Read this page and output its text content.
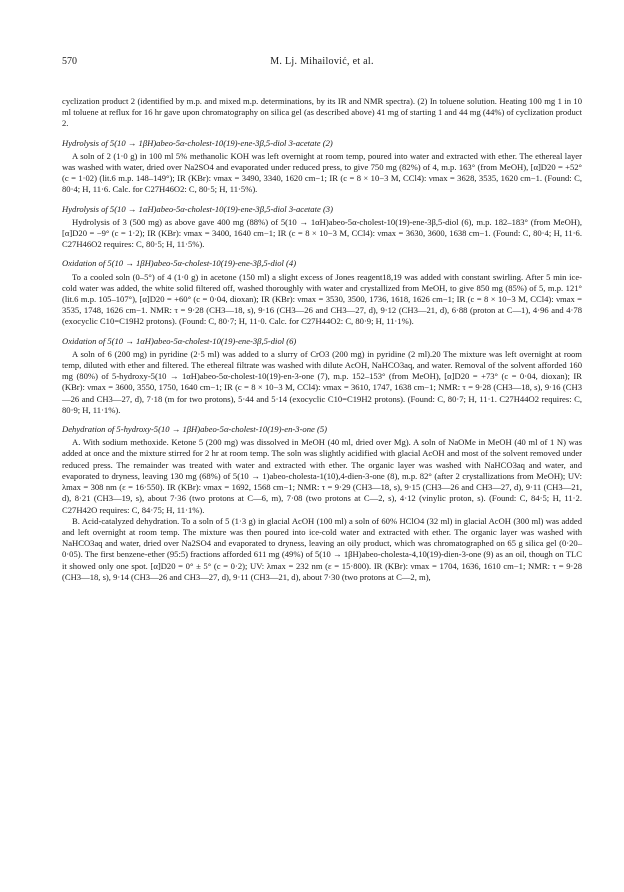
570	M. Lj. Mihailović, et al.

cyclization product 2 (identified by m.p. and mixed m.p. determinations, by its IR and NMR spectra). (2) In toluene solution. Heating 100 mg 1 in 10 ml toluene at reflux for 16 hr gave upon chromatography on silica gel (as described above) 41 mg of starting 1 and 44 mg (44%) of cyclization product 2.

Hydrolysis of 5(10 → 1βH)abeo-5α-cholest-10(19)-ene-3β,5-diol 3-acetate (2)

A soln of 2 (1·0 g) in 100 ml 5% methanolic KOH was left overnight at room temp, poured into water and extracted with ether. The ethereal layer was washed with water, dried over Na2SO4 and evaporated under reduced press, to give 750 mg (82%) of 4, m.p. 163° (from MeOH), [α]D20 = +52° (c = 1·02) (lit.6 m.p. 148–149°); IR (KBr): νmax = 3490, 3340, 1620 cm−1; IR (c = 8 × 10−3 M, CCl4): νmax = 3628, 3535, 1620 cm−1. (Found: C, 80·4; H, 11·6. Calc. for C27H46O2: C, 80·5; H, 11·5%).

Hydrolysis of 5(10 → 1αH)abeo-5α-cholest-10(19)-ene-3β,5-diol 3-acetate (3)

Hydrolysis of 3 (500 mg) as above gave 400 mg (88%) of 5(10 → 1αH)abeo-5α-cholest-10(19)-ene-3β,5-diol (6), m.p. 182–183° (from MeOH), [α]D20 = −9° (c = 1·2); IR (KBr): νmax = 3400, 1640 cm−1; IR (c = 8 × 10−3 M, CCl4): νmax = 3630, 3600, 1638 cm−1. (Found: C, 80·4; H, 11·6. C27H46O2 requires: C, 80·5; H, 11·5%).

Oxidation of 5(10 → 1βH)abeo-5α-cholest-10(19)-ene-3β,5-diol (4)

To a cooled soln (0–5°) of 4 (1·0 g) in acetone (150 ml) a slight excess of Jones reagent18,19 was added with constant swirling. After 5 min ice-cold water was added, the white solid filtered off, washed thoroughly with water and crystallized from MeOH, to give 850 mg (85%) of 5, m.p. 121° (lit.6 m.p. 105–107°), [α]D20 = +60° (c = 0·04, dioxan); IR (KBr): νmax = 3530, 3500, 1736, 1618, 1626 cm−1; IR (c = 8 × 10−3 M, CCl4): νmax = 3535, 1748, 1626 cm−1. NMR: τ = 9·28 (CH3—18, s), 9·16 (CH3—26 and CH3—27, d), 9·12 (CH3—21, d), 6·88 (proton at C—1), 4·96 and 4·78 (exocyclic C10=C19H2 protons). (Found: C, 80·7; H, 11·0. Calc. for C27H44O2: C, 80·9; H, 11·1%).

Oxidation of 5(10 → 1αH)abeo-5α-cholest-10(19)-ene-3β,5-diol (6)

A soln of 6 (200 mg) in pyridine (2·5 ml) was added to a slurry of CrO3 (200 mg) in pyridine (2 ml).20 The mixture was left overnight at room temp, diluted with ether and filtered. The ethereal filtrate was washed with dilute AcOH, NaHCO3aq, and water. Removal of the solvent afforded 160 mg (80%) of 5-hydroxy-5(10 → 1αH)abeo-5α-cholest-10(19)-en-3-one (7), m.p. 152–153° (from MeOH), [α]D20 = +73° (c = 0·04, dioxan); IR (KBr): νmax = 3600, 3550, 1750, 1640 cm−1; IR (c = 8 × 10−3 M, CCl4): νmax = 3610, 1747, 1638 cm−1; NMR: τ = 9·28 (CH3—18, s), 9·16 (CH3—26 and CH3—27, d), 7·18 (m for two protons), 5·44 and 5·14 (exocyclic C10=C19H2 protons). (Found: C, 80·7; H, 11·1. C27H44O2 requires: C, 80·9; H, 11·1%).

Dehydration of 5-hydroxy-5(10 → 1βH)abeo-5α-cholest-10(19)-en-3-one (5)

A. With sodium methoxide. Ketone 5 (200 mg) was dissolved in MeOH (40 ml, dried over Mg). A soln of NaOMe in MeOH (40 ml of 1 N) was added at once and the mixture stirred for 2 hr at room temp. The soln was slightly acidified with glacial AcOH and most of the solvent removed under reduced press. The remainder was treated with water and extracted with ether. The organic layer was washed with NaHCO3aq and water, and evaporated to dryness, leaving 130 mg (68%) of 5(10 → 1)abeo-cholesta-1(10),4-dien-3-one (8), m.p. 82° (after 2 crystallizations from MeOH); UV: λmax = 308 nm (ε = 16·550). IR (KBr): νmax = 1692, 1568 cm−1; NMR: τ = 9·29 (CH3—18, s), 9·15 (CH3—26 and CH3—27, d), 9·11 (CH3—21, d), 8·21 (CH3—19, s), about 7·36 (two protons at C—6, m), 7·08 (two protons at C—2, s), 4·12 (vinylic proton, s). (Found: C, 84·5; H, 11·2. C27H42O requires: C, 84·75; H, 11·1%).

B. Acid-catalyzed dehydration. To a soln of 5 (1·3 g) in glacial AcOH (100 ml) a soln of 60% HClO4 (32 ml) in glacial AcOH (300 ml) was added and left overnight at room temp. The mixture was then poured into ice-cold water and extracted with ether. The organic layer was washed with NaHCO3aq and water, dried over Na2SO4 and evaporated to dryness, leaving an oily product, which was chromatographed on 65 g silica gel (0·20–0·05). The first benzene-ether (95:5) fractions afforded 611 mg (49%) of 5(10 → 1βH)abeo-cholesta-4,10(19)-dien-3-one (9) as an oil, though on TLC it showed only one spot. [α]D20 = 0° ± 5° (c = 0·2); UV: λmax = 232 nm (ε = 15·800). IR (KBr): νmax = 1704, 1636, 1610 cm−1; NMR: τ = 9·28 (CH3—18, s), 9·14 (CH3—26 and CH3—27, d), 9·11 (CH3—21, d), about 7·30 (two protons at C—2, m),
